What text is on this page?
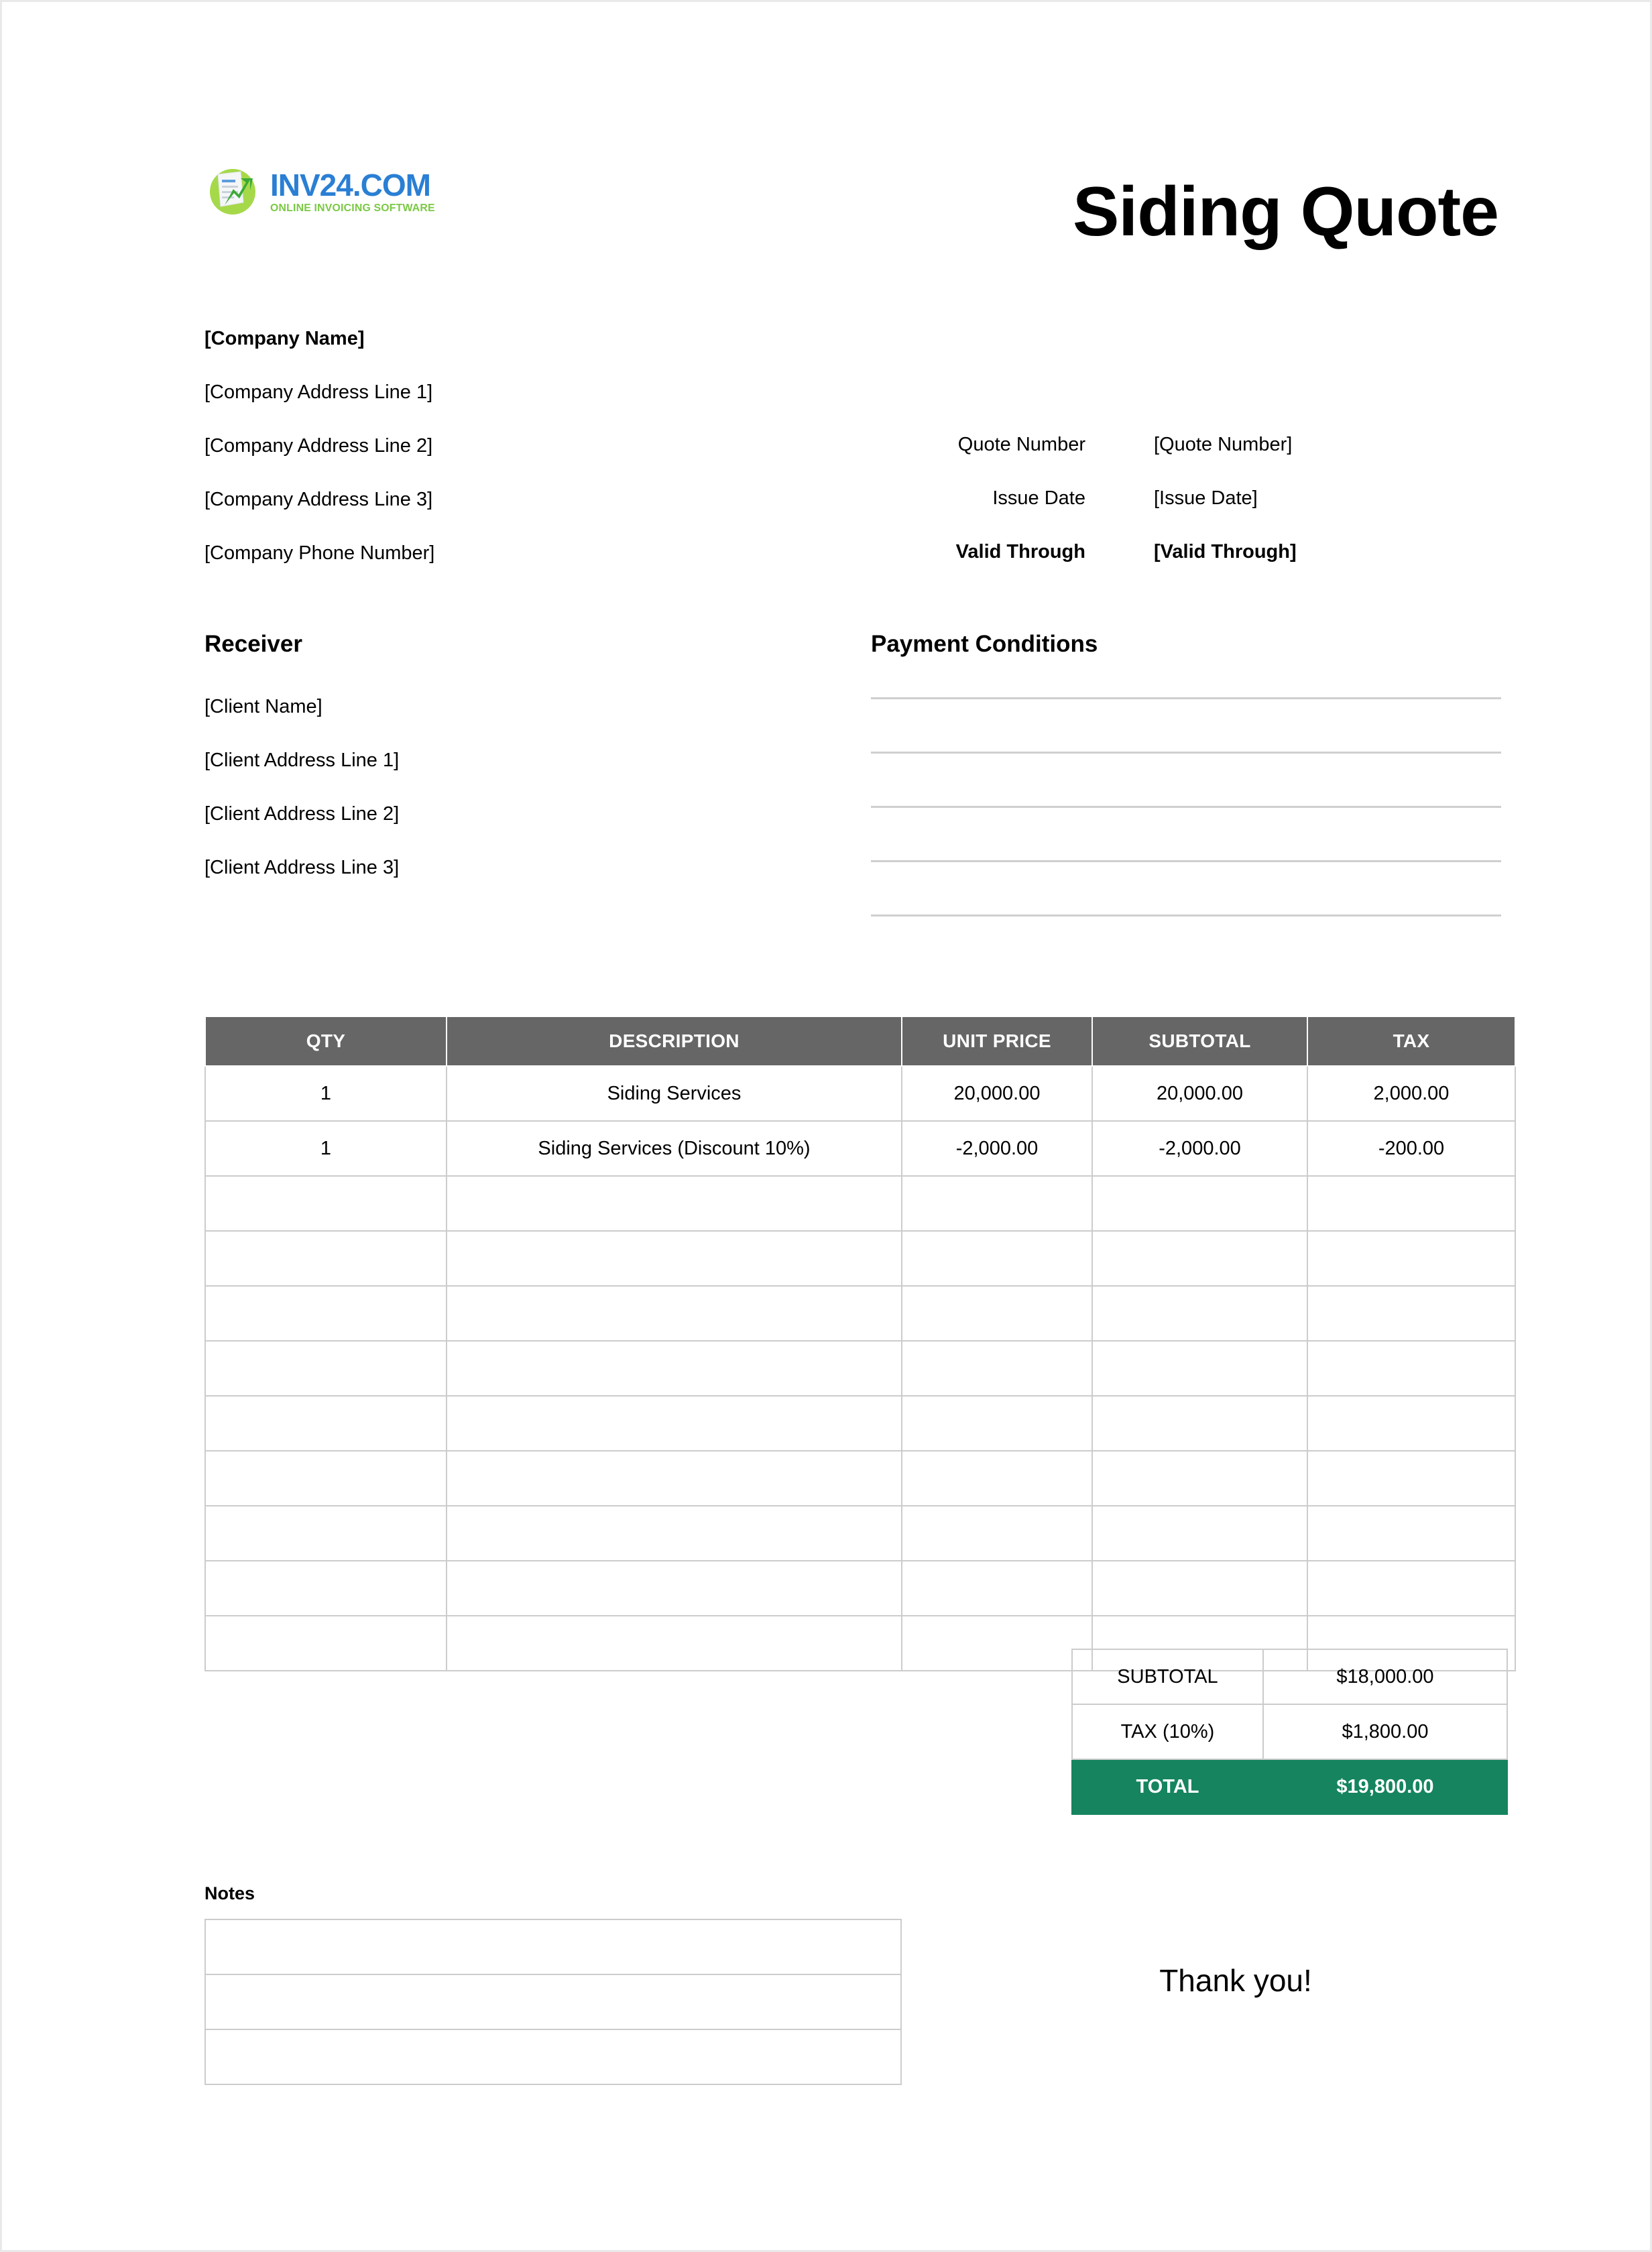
INV24.COM
ONLINE INVOICING SOFTWARE	Siding Quote
[Company Name]
[Company Address Line 1]
[Company Address Line 2]
[Company Address Line 3]
[Company Phone Number]
Quote Number	[Quote Number]
Issue Date	[Issue Date]
Valid Through	[Valid Through]
Receiver
[Client Name]
[Client Address Line 1]
[Client Address Line 2]
[Client Address Line 3]
Payment Conditions
QTY	DESCRIPTION	UNIT PRICE	SUBTOTAL	TAX
1	Siding Services	20,000.00	20,000.00	2,000.00
1	Siding Services (Discount 10%)	-2,000.00	-2,000.00	-200.00

SUBTOTAL	$18,000.00
TAX (10%)	$1,800.00
TOTAL	$19,800.00
Notes

Thank you!
